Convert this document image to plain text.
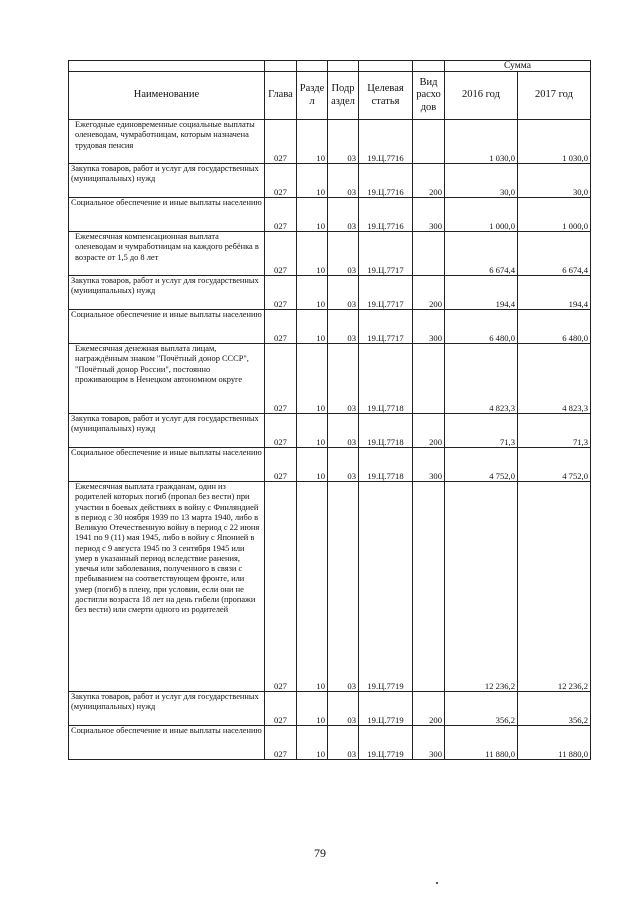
						Сумма	
Наименование	Глава	Разде л	Подр аздел	Целевая статья	Вид расхо дов	2016 год	2017 год
Ежегодные единовременные социальные выплаты оленеводам, чумработницам, которым назначена трудовая пенсия	027	10	03	19.Ц.7716		1 030,0	1 030,0
Закупка товаров, работ и услуг для государственных (муниципальных) нужд	027	10	03	19.Ц.7716	200	30,0	30,0
Социальное обеспечение и иные выплаты населению	027	10	03	19.Ц.7716	300	1 000,0	1 000,0
Ежемесячная компенсационная выплата оленеводам и чумработницам на каждого ребёнка в возрасте от 1,5 до 8 лет	027	10	03	19.Ц.7717		6 674,4	6 674,4
Закупка товаров, работ и услуг для государственных (муниципальных) нужд	027	10	03	19.Ц.7717	200	194,4	194,4
Социальное обеспечение и иные выплаты населению	027	10	03	19.Ц.7717	300	6 480,0	6 480,0
Ежемесячная денежная выплата лицам, награждённым знаком "Почётный донор СССР", "Почётный донор России", постоянно проживающим в Ненецком автономном округе	027	10	03	19.Ц.7718		4 823,3	4 823,3
Закупка товаров, работ и услуг для государственных (муниципальных) нужд	027	10	03	19.Ц.7718	200	71,3	71,3
Социальное обеспечение и иные выплаты населению	027	10	03	19.Ц.7718	300	4 752,0	4 752,0
Ежемесячная выплата гражданам, один из родителей которых погиб (пропал без вести) при участии в боевых действиях в войну с Финляндией в период с 30 ноября 1939 по 13 марта 1940, либо в Великую Отечественную войну в период с 22 июня 1941 по 9 (11) мая 1945, либо в войну с Японией в период с 9 августа 1945 по 3 сентября 1945 или умер в указанный период вследствие ранения, увечья или заболевания, полученного в связи с пребыванием на соответствующем фронте, или умер (погиб) в плену, при условии, если они не достигли возраста 18 лет на день гибели (пропажи без вести) или смерти одного из родителей	027	10	03	19.Ц.7719		12 236,2	12 236,2
Закупка товаров, работ и услуг для государственных (муниципальных) нужд	027	10	03	19.Ц.7719	200	356,2	356,2
Социальное обеспечение и иные выплаты населению	027	10	03	19.Ц.7719	300	11 880,0	11 880,0
79
